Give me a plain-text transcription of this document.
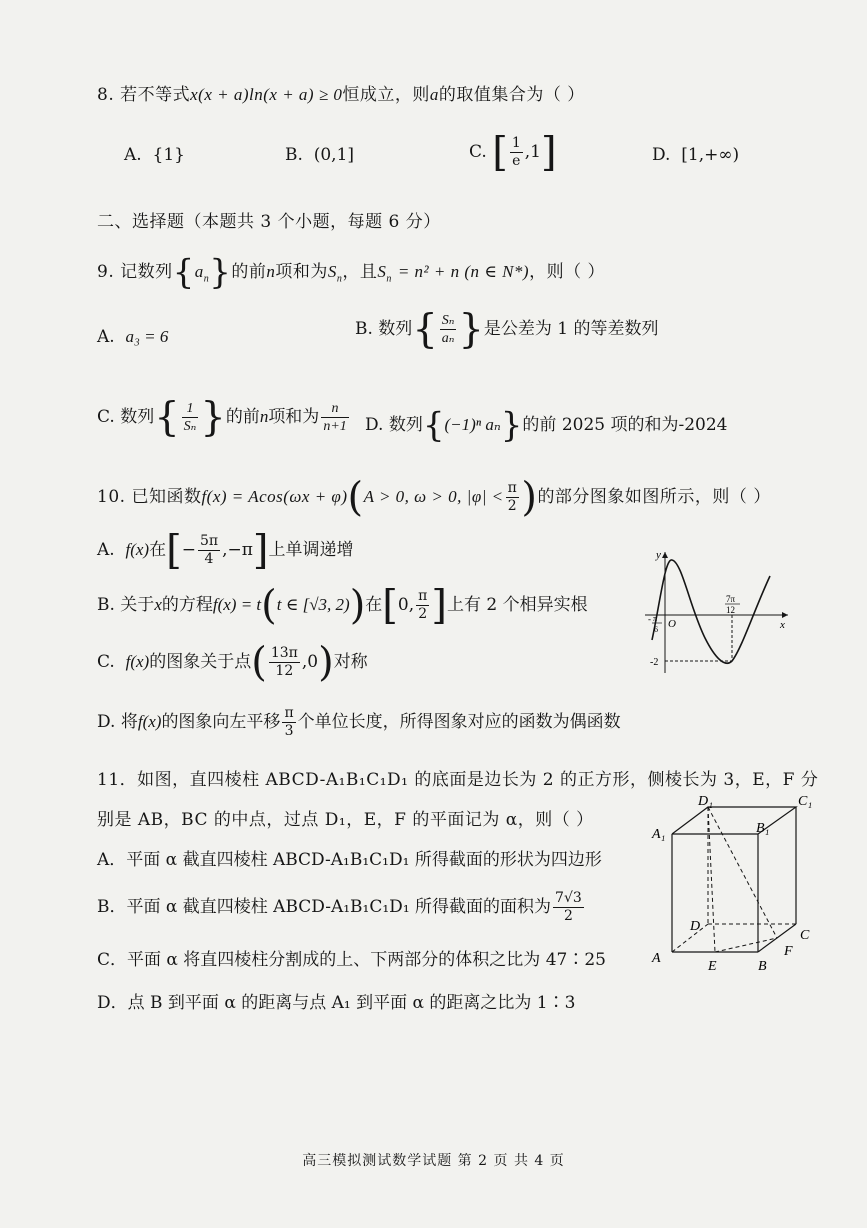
8. 若不等式x(x + a)ln(x + a) ≥ 0恒成立，则a的取值集合为（ ）
A. {1}	B. (0,1]	C. [ $\frac{1}{e} ,1$]	D. [1,+∞)
二、选择题（本题共 3 个小题，每题 6 分）
9. 记数列$\{a_n\}$的前n项和为$S_n$，且$S_n = n^2 + n$ (n ∈ N*)，则（ ）
A. a₃ = 6	B. 数列{ $\frac{\text{Sₙ}}{\text{aₙ}}$ }是公差为 1 的等差数列
C. 数列{ $\frac{1}{\text{Sₙ}}$ }的前n项和为 $\frac{n}{n+1} D$. 数列{(−1)ⁿ aₙ}的前 2025 项的和为-2024
10. 已知函数f(x) = Acos(ωx + φ)(A > 0, ω > 0, $|\varphi| < \frac{\pi}{2}$ )的部分图象如图所示，则（ ）
A. f(x)在[− $\frac{5\pi}{4} ,-\pi$]上单调递增
B. 关于x的方程f(x) = t(t ∈ [√3, 2))在[0, $\frac{\pi}{2}$ ]上有 2 个相异实根
C. f(x)的图象关于点( $\frac{13\pi}{12} ,0$)对称
D. 将f(x)的图象向左平移 $\frac{\pi}{3}$ 个单位长度，所得图象对应的函数为偶函数
y
x
O
- π
6
7π
12
-2
11．如图，直四棱柱 ABCD-A₁B₁C₁D₁ 的底面是边长为 2 的正方形，侧棱长为 3，E，F 分
别是 AB，BC 的中点，过点 D₁，E，F 的平面记为 α，则（ ）
A．平面 α 截直四棱柱 ABCD-A₁B₁C₁D₁ 所得截面的形状为四边形
B．平面 α 截直四棱柱 ABCD-A₁B₁C₁D₁ 所得截面的面积为 $\frac{7√3}{2}$
C．平面 α 将直四棱柱分割成的上、下两部分的体积之比为 47∶25
D．点 B 到平面 α 的距离与点 A₁ 到平面 α 的距离之比为 1∶3
D₁	C₁
A₁	B₁
D
C
A
E	B
F
高三模拟测试数学试题 第 2 页 共 4 页
